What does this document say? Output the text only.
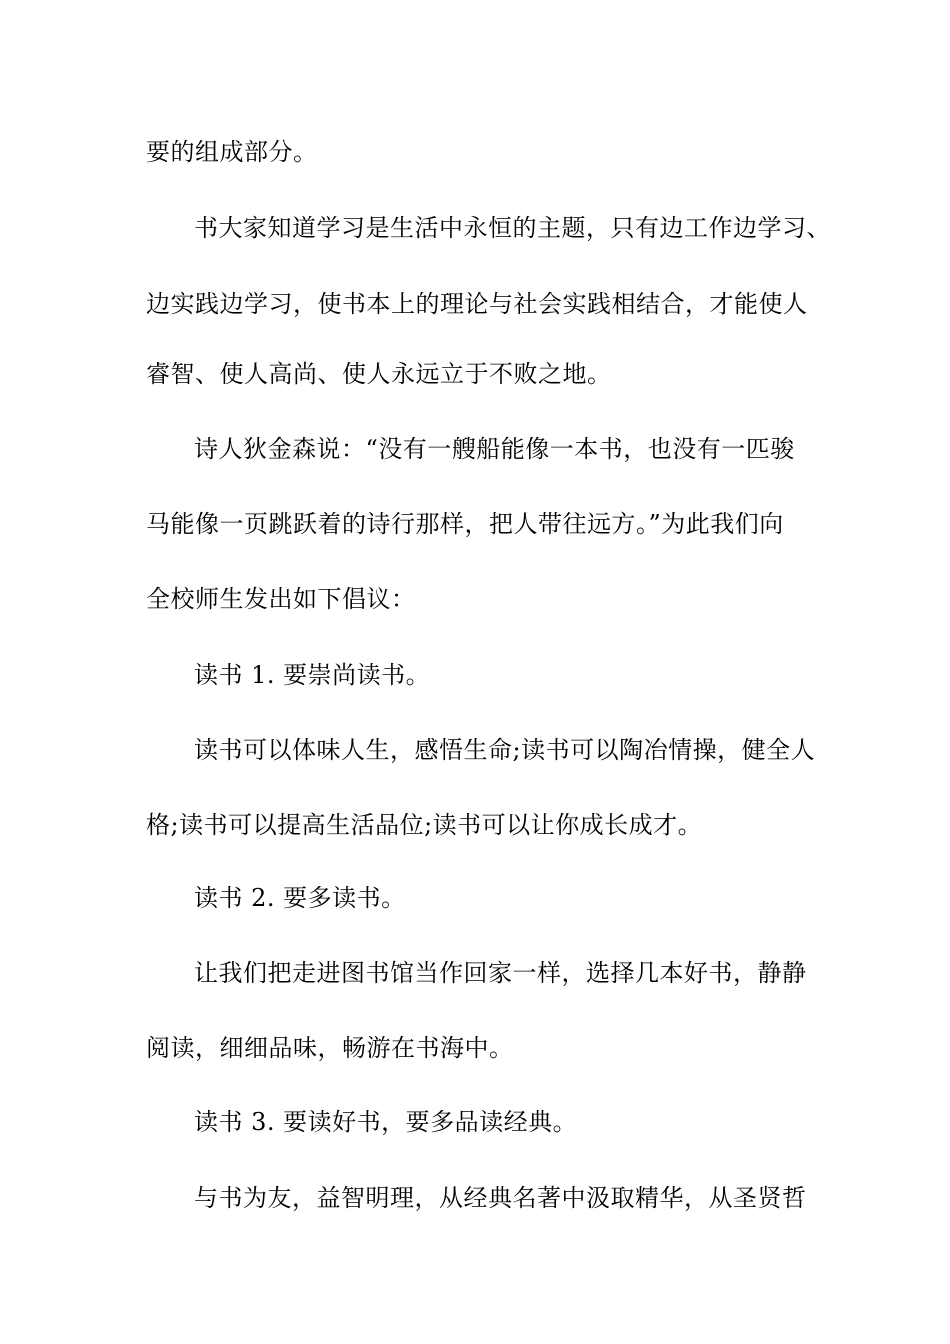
要的组成部分。
书大家知道学习是生活中永恒的主题，只有边工作边学习、
边实践边学习，使书本上的理论与社会实践相结合，才能使人
睿智、使人高尚、使人永远立于不败之地。
诗人狄金森说：“没有一艘船能像一本书，也没有一匹骏
马能像一页跳跃着的诗行那样，把人带往远方。”为此我们向
全校师生发出如下倡议：
读书 1. 要崇尚读书。
读书可以体味人生，感悟生命;读书可以陶冶情操，健全人
格;读书可以提高生活品位;读书可以让你成长成才。
读书 2. 要多读书。
让我们把走进图书馆当作回家一样，选择几本好书，静静
阅读，细细品味，畅游在书海中。
读书 3. 要读好书，要多品读经典。
与书为友，益智明理，从经典名著中汲取精华，从圣贤哲
